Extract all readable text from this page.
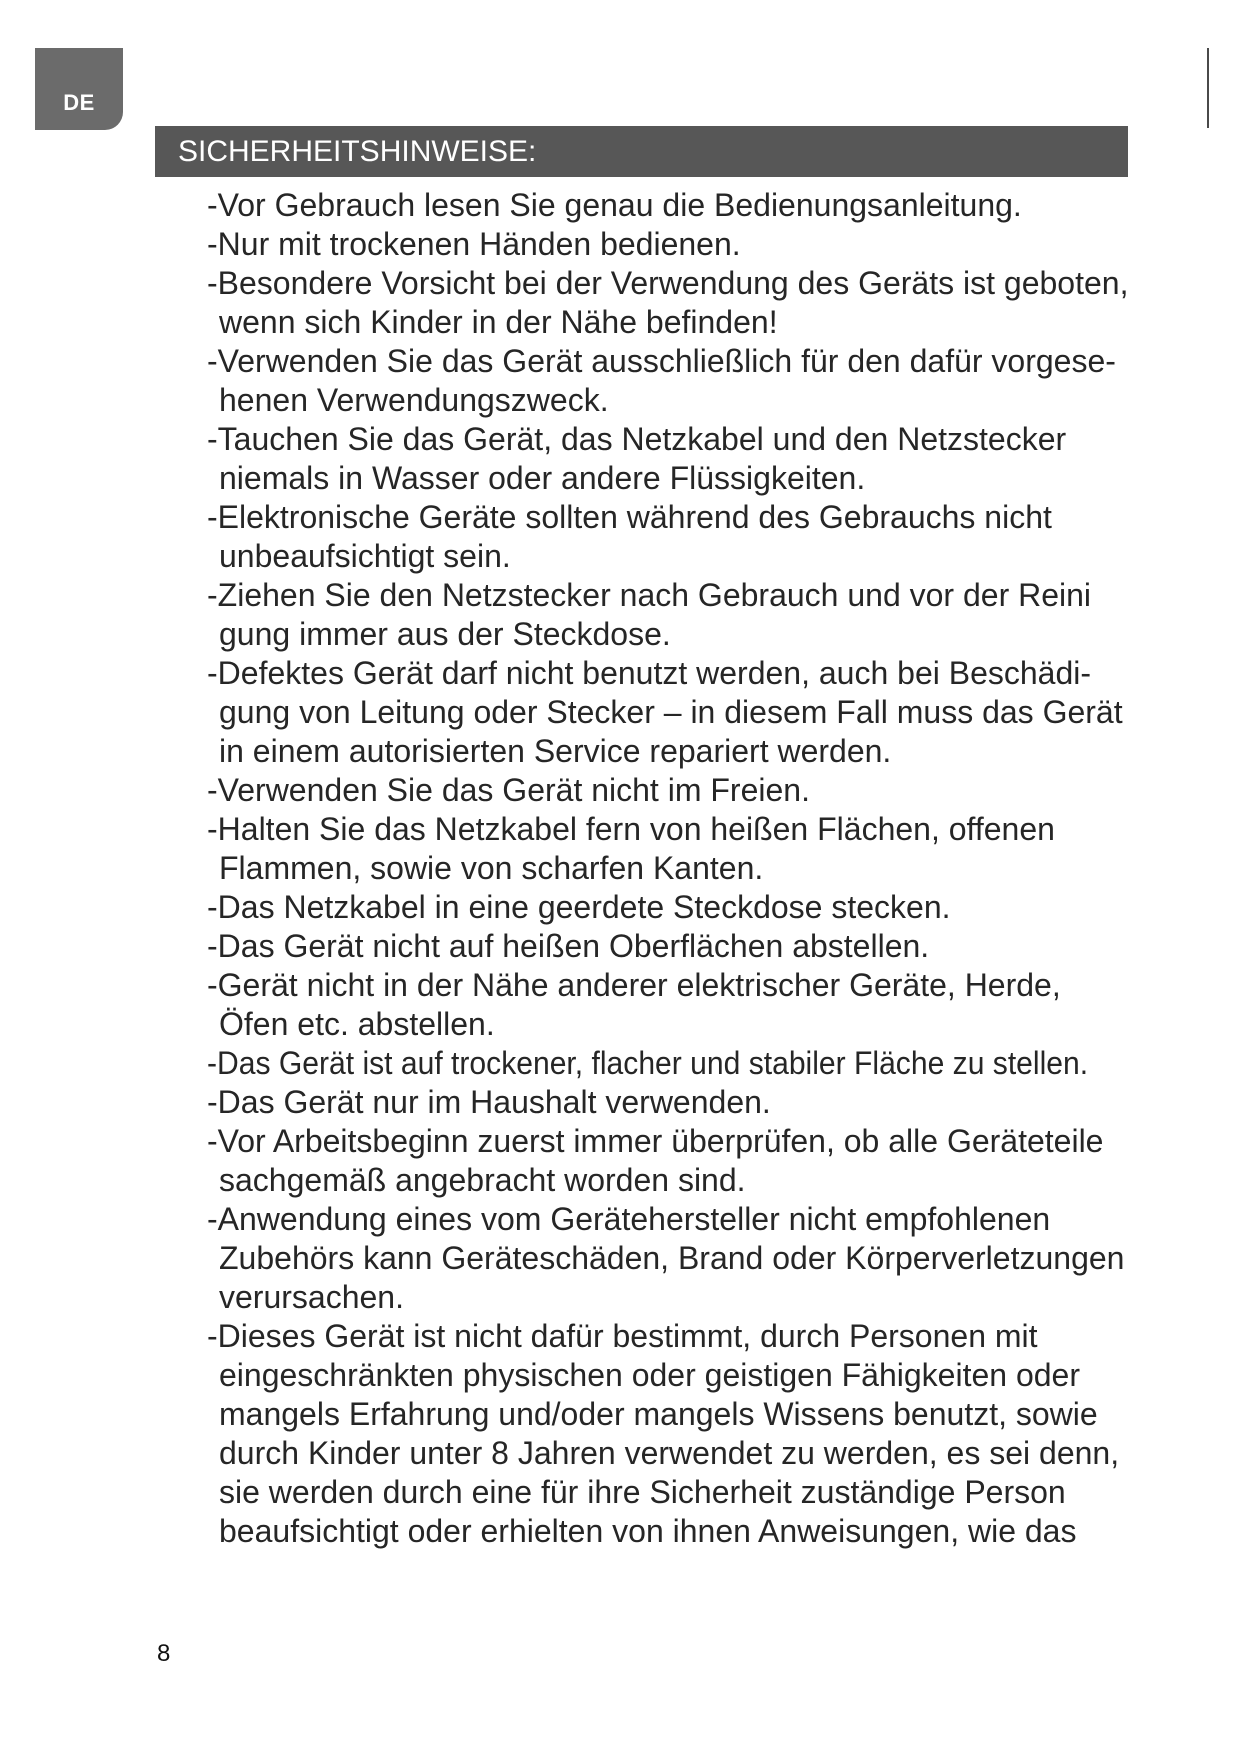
DE
SICHERHEITSHINWEISE:
-Vor Gebrauch lesen Sie genau die Bedienungsanleitung.
-Nur mit trockenen Händen bedienen.
-Besondere Vorsicht bei der Verwendung des Geräts ist geboten,
wenn sich Kinder in der Nähe befinden!
-Verwenden Sie das Gerät ausschließlich für den dafür vorgese-
henen Verwendungszweck.
-Tauchen Sie das Gerät, das Netzkabel und den Netzstecker
niemals in Wasser oder andere Flüssigkeiten.
-Elektronische Geräte sollten während des Gebrauchs nicht
unbeaufsichtigt sein.
-Ziehen Sie den Netzstecker nach Gebrauch und vor der Reini
gung immer aus der Steckdose.
-Defektes Gerät darf nicht benutzt werden, auch bei Beschädi-
gung von Leitung oder Stecker – in diesem Fall muss das Gerät
in einem autorisierten Service repariert werden.
-Verwenden Sie das Gerät nicht im Freien.
-Halten Sie das Netzkabel fern von heißen Flächen, offenen
Flammen, sowie von scharfen Kanten.
-Das Netzkabel in eine geerdete Steckdose stecken.
-Das Gerät nicht auf heißen Oberflächen abstellen.
-Gerät nicht in der Nähe anderer elektrischer Geräte, Herde,
Öfen etc. abstellen.
-Das Gerät ist auf trockener, flacher und stabiler Fläche zu stellen.
-Das Gerät nur im Haushalt verwenden.
-Vor Arbeitsbeginn zuerst immer überprüfen, ob alle Geräteteile
sachgemäß angebracht worden sind.
-Anwendung eines vom Gerätehersteller nicht empfohlenen
Zubehörs kann Geräteschäden, Brand oder Körperverletzungen
verursachen.
-Dieses Gerät ist nicht dafür bestimmt, durch Personen mit
eingeschränkten physischen oder geistigen Fähigkeiten oder
mangels Erfahrung und/oder mangels Wissens benutzt, sowie
durch Kinder unter 8 Jahren verwendet zu werden, es sei denn,
sie werden durch eine für ihre Sicherheit zuständige Person
beaufsichtigt oder erhielten von ihnen Anweisungen, wie das
8
